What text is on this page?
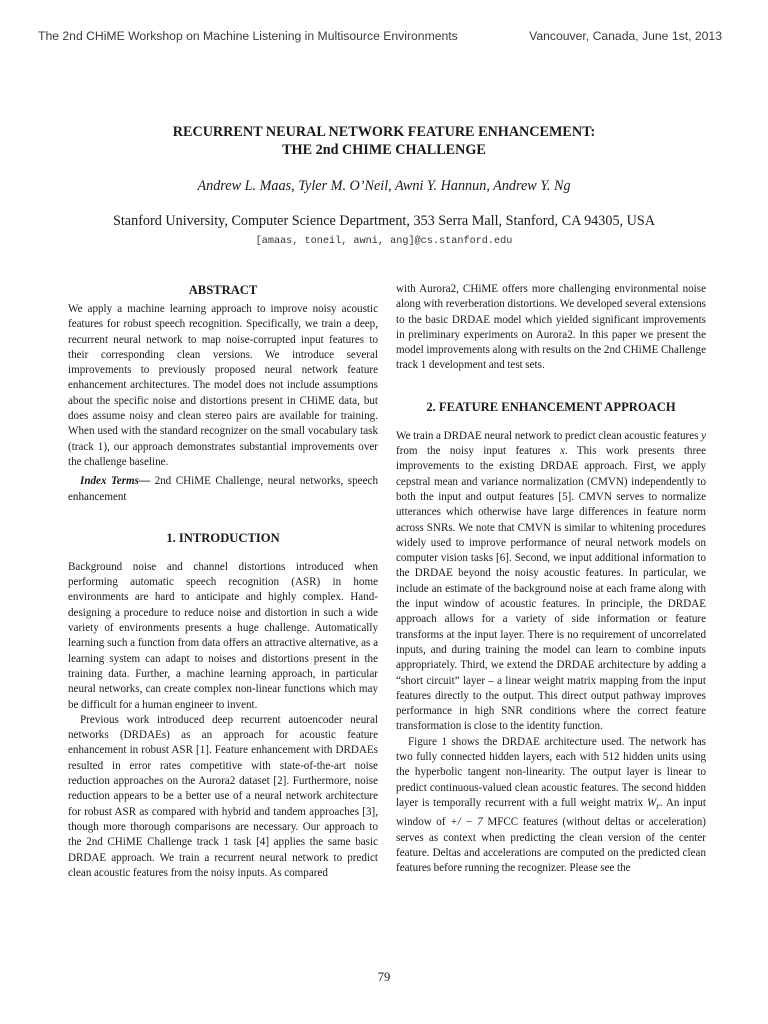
The 2nd CHiME Workshop on Machine Listening in Multisource Environments	Vancouver, Canada, June 1st, 2013
RECURRENT NEURAL NETWORK FEATURE ENHANCEMENT:
THE 2nd CHIME CHALLENGE
Andrew L. Maas, Tyler M. O’Neil, Awni Y. Hannun, Andrew Y. Ng
Stanford University, Computer Science Department, 353 Serra Mall, Stanford, CA 94305, USA
[amaas, toneil, awni, ang]@cs.stanford.edu
ABSTRACT

We apply a machine learning approach to improve noisy acoustic features for robust speech recognition. Specifically, we train a deep, recurrent neural network to map noise-corrupted input features to their corresponding clean versions. We introduce several improvements to previously proposed neural network feature enhancement architectures. The model does not include assumptions about the specific noise and distortions present in CHiME data, but does assume noisy and clean stereo pairs are available for training. When used with the standard recognizer on the small vocabulary task (track 1), our approach demonstrates substantial improvements over the challenge baseline.

Index Terms— 2nd CHiME Challenge, neural networks, speech enhancement

1. INTRODUCTION

Background noise and channel distortions introduced when performing automatic speech recognition (ASR) in home environments are hard to anticipate and highly complex. Hand-designing a procedure to reduce noise and distortion in such a wide variety of environments presents a huge challenge. Automatically learning such a function from data offers an attractive alternative, as a learning system can adapt to noises and distortions present in the training data. Further, a machine learning approach, in particular neural networks, can create complex non-linear functions which may be difficult for a human engineer to invent.

Previous work introduced deep recurrent autoencoder neural networks (DRDAEs) as an approach for acoustic feature enhancement in robust ASR [1]. Feature enhancement with DRDAEs resulted in error rates competitive with state-of-the-art noise reduction approaches on the Aurora2 dataset [2]. Furthermore, noise reduction appears to be a better use of a neural network architecture for robust ASR as compared with hybrid and tandem approaches [3], though more thorough comparisons are necessary. Our approach to the 2nd CHiME Challenge track 1 task [4] applies the same basic DRDAE approach. We train a recurrent neural network to predict clean acoustic features from the noisy inputs. As compared

with Aurora2, CHiME offers more challenging environmental noise along with reverberation distortions. We developed several extensions to the basic DRDAE model which yielded significant improvements in preliminary experiments on Aurora2. In this paper we present the model improvements along with results on the 2nd CHiME Challenge track 1 development and test sets.

2. FEATURE ENHANCEMENT APPROACH

We train a DRDAE neural network to predict clean acoustic features y from the noisy input features x. This work presents three improvements to the existing DRDAE approach. First, we apply cepstral mean and variance normalization (CMVN) independently to both the input and output features [5]. CMVN serves to normalize utterances which otherwise have large differences in feature norm across SNRs. We note that CMVN is similar to whitening procedures widely used to improve performance of neural network models on computer vision tasks [6]. Second, we input additional information to the DRDAE beyond the noisy acoustic features. In particular, we include an estimate of the background noise at each frame along with the input window of acoustic features. In principle, the DRDAE approach allows for a variety of side information or feature transforms at the input layer. There is no requirement of uncorrelated inputs, and during training the model can learn to combine inputs appropriately. Third, we extend the DRDAE architecture by adding a “short circuit” layer – a linear weight matrix mapping from the input features directly to the output. This direct output pathway improves performance in high SNR conditions where the correct feature transformation is close to the identity function.

Figure 1 shows the DRDAE architecture used. The network has two fully connected hidden layers, each with 512 hidden units using the hyperbolic tangent non-linearity. The output layer is linear to predict continuous-valued clean acoustic features. The second hidden layer is temporally recurrent with a full weight matrix $W_r$. An input window of +/ − 7 MFCC features (without deltas or acceleration) serves as context when predicting the clean version of the center feature. Deltas and accelerations are computed on the predicted clean features before running the recognizer. Please see the

79
